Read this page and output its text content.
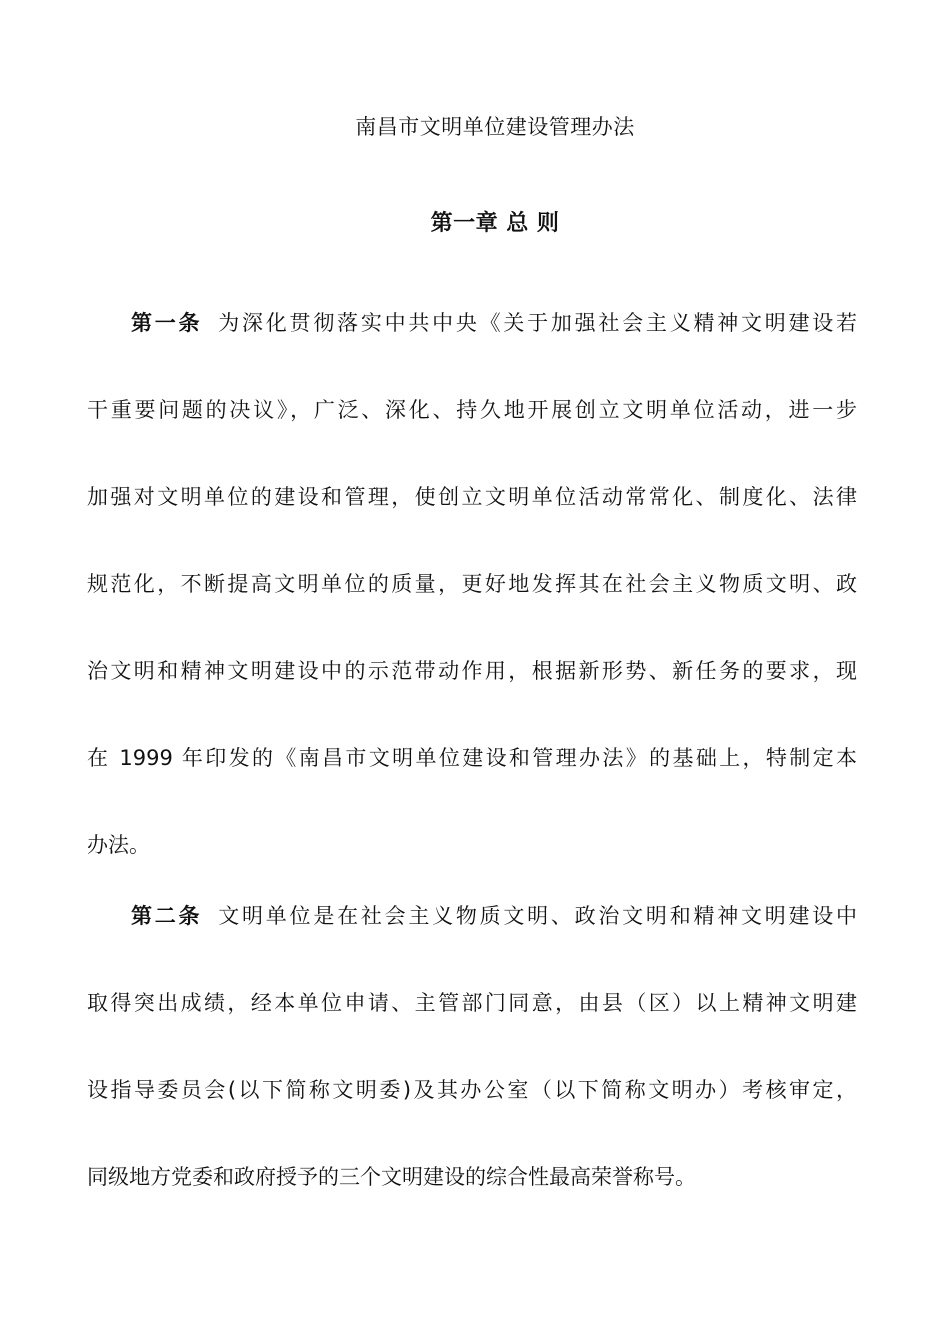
南昌市文明单位建设管理办法
第一章 总 则
第一条 为深化贯彻落实中共中央《关于加强社会主义精神文明建设若
干重要问题的决议》，广泛、深化、持久地开展创立文明单位活动，进一步
加强对文明单位的建设和管理，使创立文明单位活动常常化、制度化、法律
规范化，不断提高文明单位的质量，更好地发挥其在社会主义物质文明、政
治文明和精神文明建设中的示范带动作用，根据新形势、新任务的要求，现
在 1999 年印发的《南昌市文明单位建设和管理办法》的基础上，特制定本
办法。
第二条 文明单位是在社会主义物质文明、政治文明和精神文明建设中
取得突出成绩，经本单位申请、主管部门同意，由县（区）以上精神文明建
设指导委员会(以下简称文明委)及其办公室（以下简称文明办）考核审定，
同级地方党委和政府授予的三个文明建设的综合性最高荣誉称号。
